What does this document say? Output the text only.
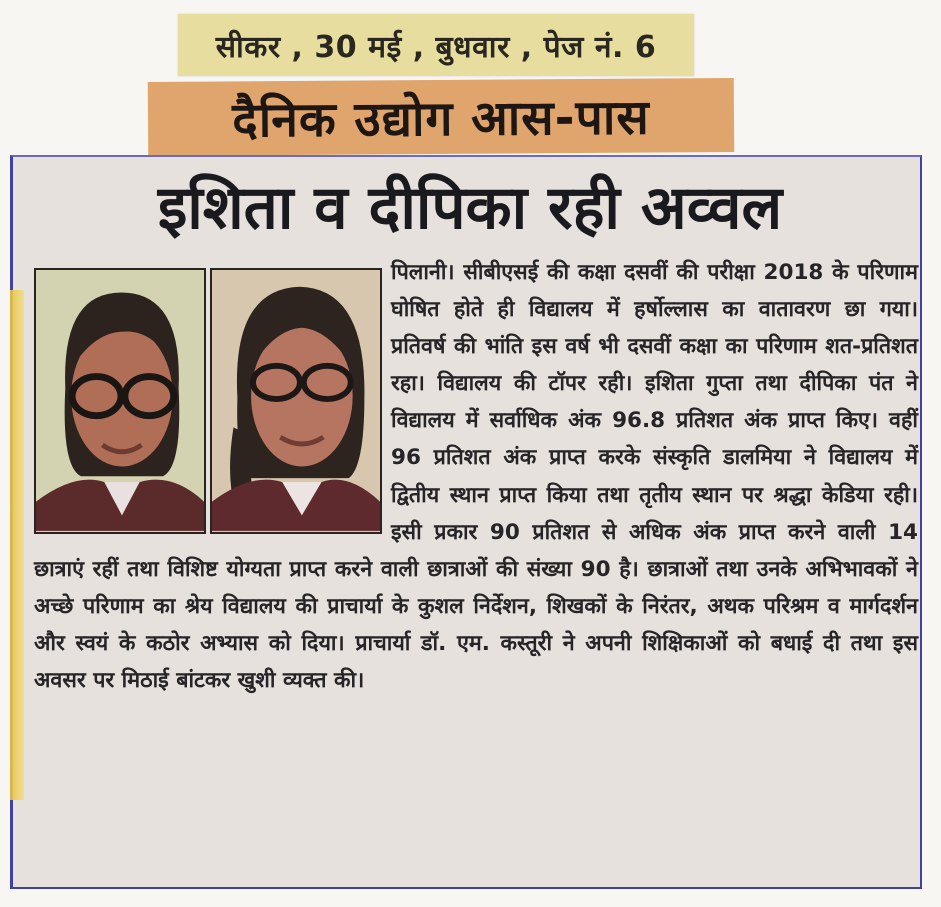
सीकर , 30 मई , बुधवार , पेज नं. 6
दैनिक उद्योग आस-पास
इशिता व दीपिका रही अव्वल

पिलानी। सीबीएसई की कक्षा दसवीं की परीक्षा 2018 के परिणाम घोषित होते ही विद्यालय में हर्षोल्लास का वातावरण छा गया। प्रतिवर्ष की भांति इस वर्ष भी दसवीं कक्षा का परिणाम शत-प्रतिशत रहा। विद्यालय की टॉपर रही। इशिता गुप्ता तथा दीपिका पंत ने विद्यालय में सर्वाधिक अंक 96.8 प्रतिशत अंक प्राप्त किए। वहीं 96 प्रतिशत अंक प्राप्त करके संस्कृति डालमिया ने विद्यालय में द्वितीय स्थान प्राप्त किया तथा तृतीय स्थान पर श्रद्धा केडिया रही। इसी प्रकार 90 प्रतिशत से अधिक अंक प्राप्त करने वाली 14 छात्राएं रहीं तथा विशिष्ट योग्यता प्राप्त करने वाली छात्राओं की संख्या 90 है। छात्राओं तथा उनके अभिभावकों ने अच्छे परिणाम का श्रेय विद्यालय की प्राचार्या के कुशल निर्देशन, शिखकों के निरंतर, अथक परिश्रम व मार्गदर्शन और स्वयं के कठोर अभ्यास को दिया। प्राचार्या डॉ. एम. कस्तूरी ने अपनी शिक्षिकाओं को बधाई दी तथा इस अवसर पर मिठाई बांटकर खुशी व्यक्त की।
